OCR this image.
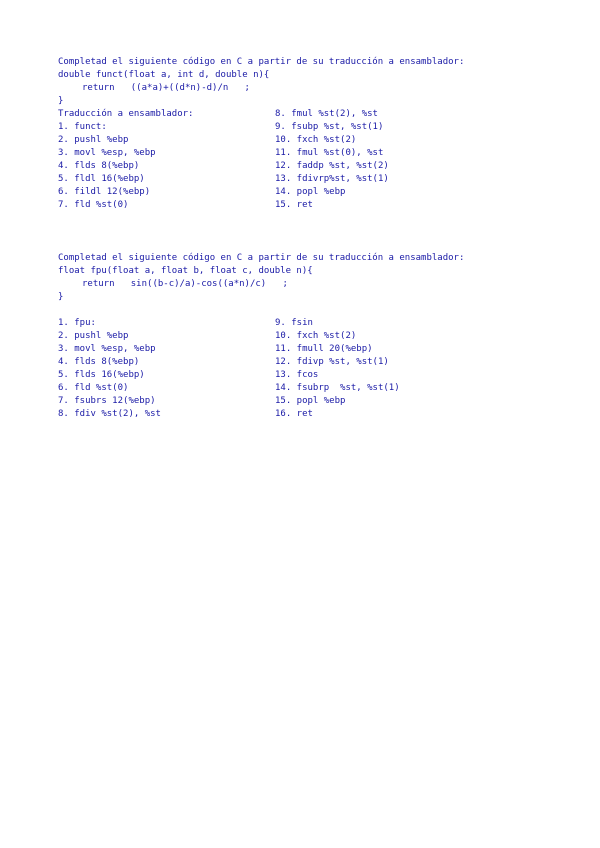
Completad el siguiente código en C a partir de su traducción a ensamblador:
double funct(float a, int d, double n){
return   ((a*a)+((d*n)-d)/n   ;
}
Traducción a ensamblador:
1. funct:
2. pushl %ebp
3. movl %esp, %ebp
4. flds 8(%ebp)
5. fldl 16(%ebp)
6. fildl 12(%ebp)
7. fld %st(0)
8. fmul %st(2), %st
9. fsubp %st, %st(1)
10. fxch %st(2)
11. fmul %st(0), %st
12. faddp %st, %st(2)
13. fdivrp%st, %st(1)
14. popl %ebp
15. ret
Completad el siguiente código en C a partir de su traducción a ensamblador:
float fpu(float a, float b, float c, double n){
return   sin((b-c)/a)-cos((a*n)/c)   ;
}
1. fpu:
2. pushl %ebp
3. movl %esp, %ebp
4. flds 8(%ebp)
5. flds 16(%ebp)
6. fld %st(0)
7. fsubrs 12(%ebp)
8. fdiv %st(2), %st
9. fsin
10. fxch %st(2)
11. fmull 20(%ebp)
12. fdivp %st, %st(1)
13. fcos
14. fsubrp  %st, %st(1)
15. popl %ebp
16. ret
